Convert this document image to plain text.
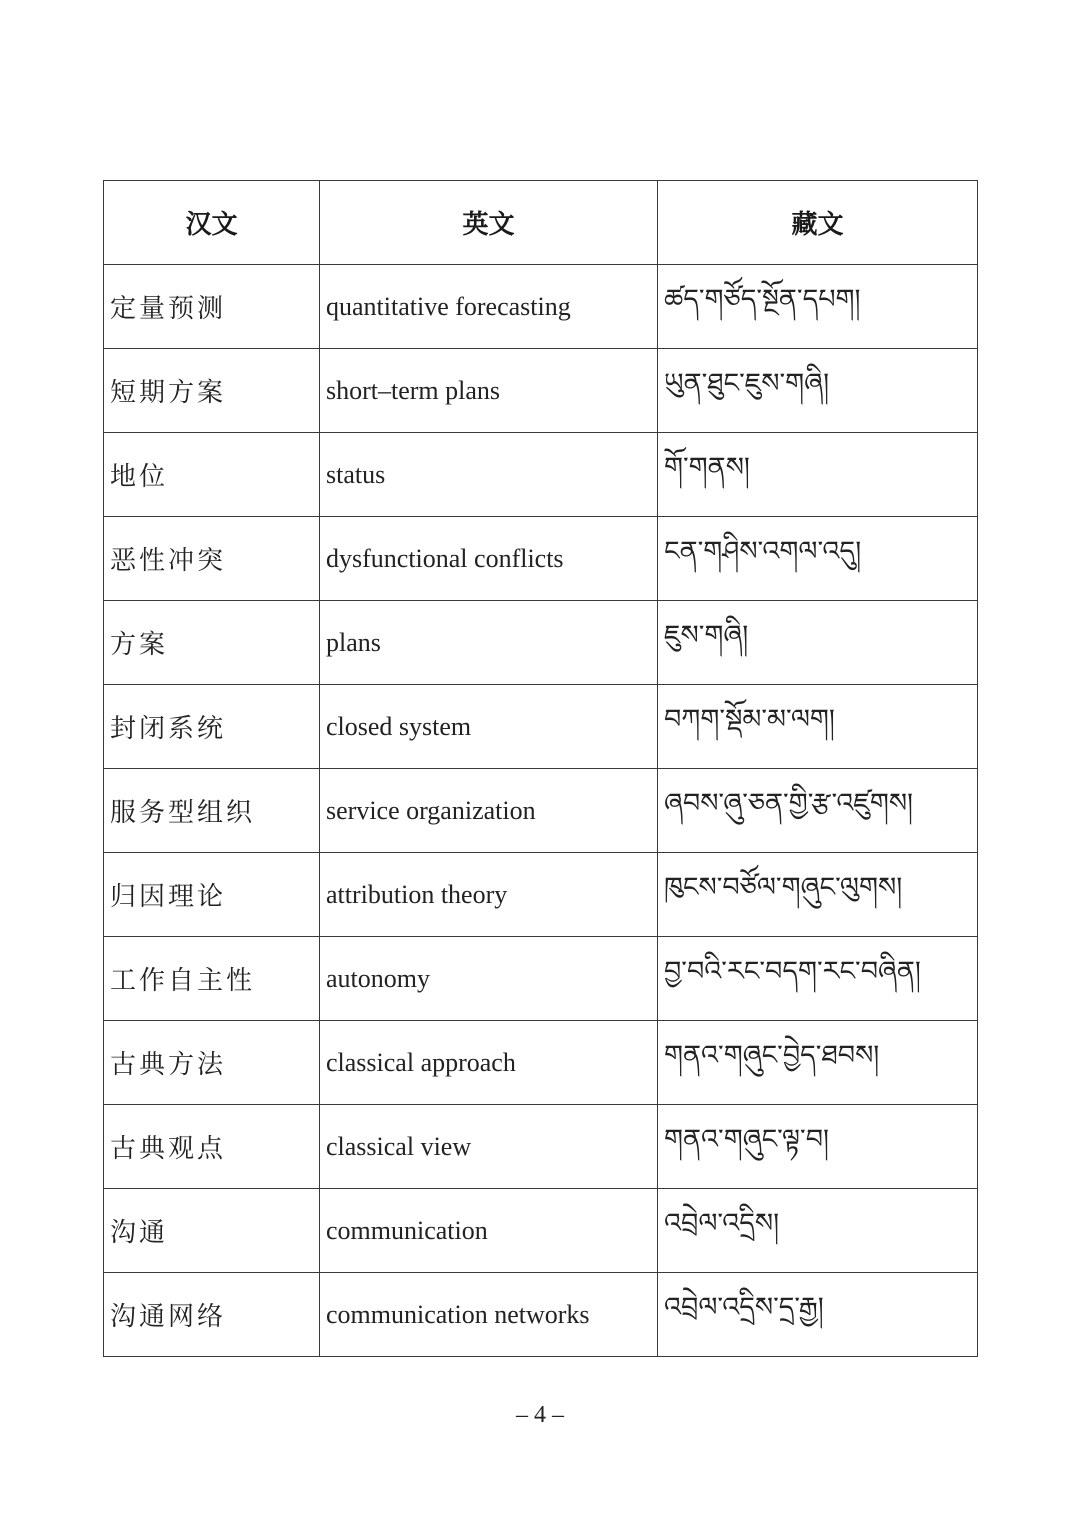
汉文	英文	藏文
定量预测	quantitative forecasting	ཚད་གཙོད་སྔོན་དཔག།
短期方案	short–term plans	ཡུན་ཐུང་ཇུས་གཞི།
地位	status	གོ་གནས།
恶性冲突	dysfunctional conflicts	ངན་གཤིས་འགལ་འདུ།
方案	plans	ཇུས་གཞི།
封闭系统	closed system	བཀག་སྡོམ་མ་ལག།
服务型组织	service organization	ཞབས་ཞུ་ཅན་གྱི་རྩ་འཛུགས།
归因理论	attribution theory	ཁུངས་བཙོལ་གཞུང་ལུགས།
工作自主性	autonomy	བྱ་བའི་རང་བདག་རང་བཞིན།
古典方法	classical approach	གནའ་གཞུང་བྱེད་ཐབས།
古典观点	classical view	གནའ་གཞུང་ལྟ་བ།
沟通	communication	འབྲེལ་འདྲིས།
沟通网络	communication networks	འབྲེལ་འདྲིས་དྲ་རྒྱ།
– 4 –
